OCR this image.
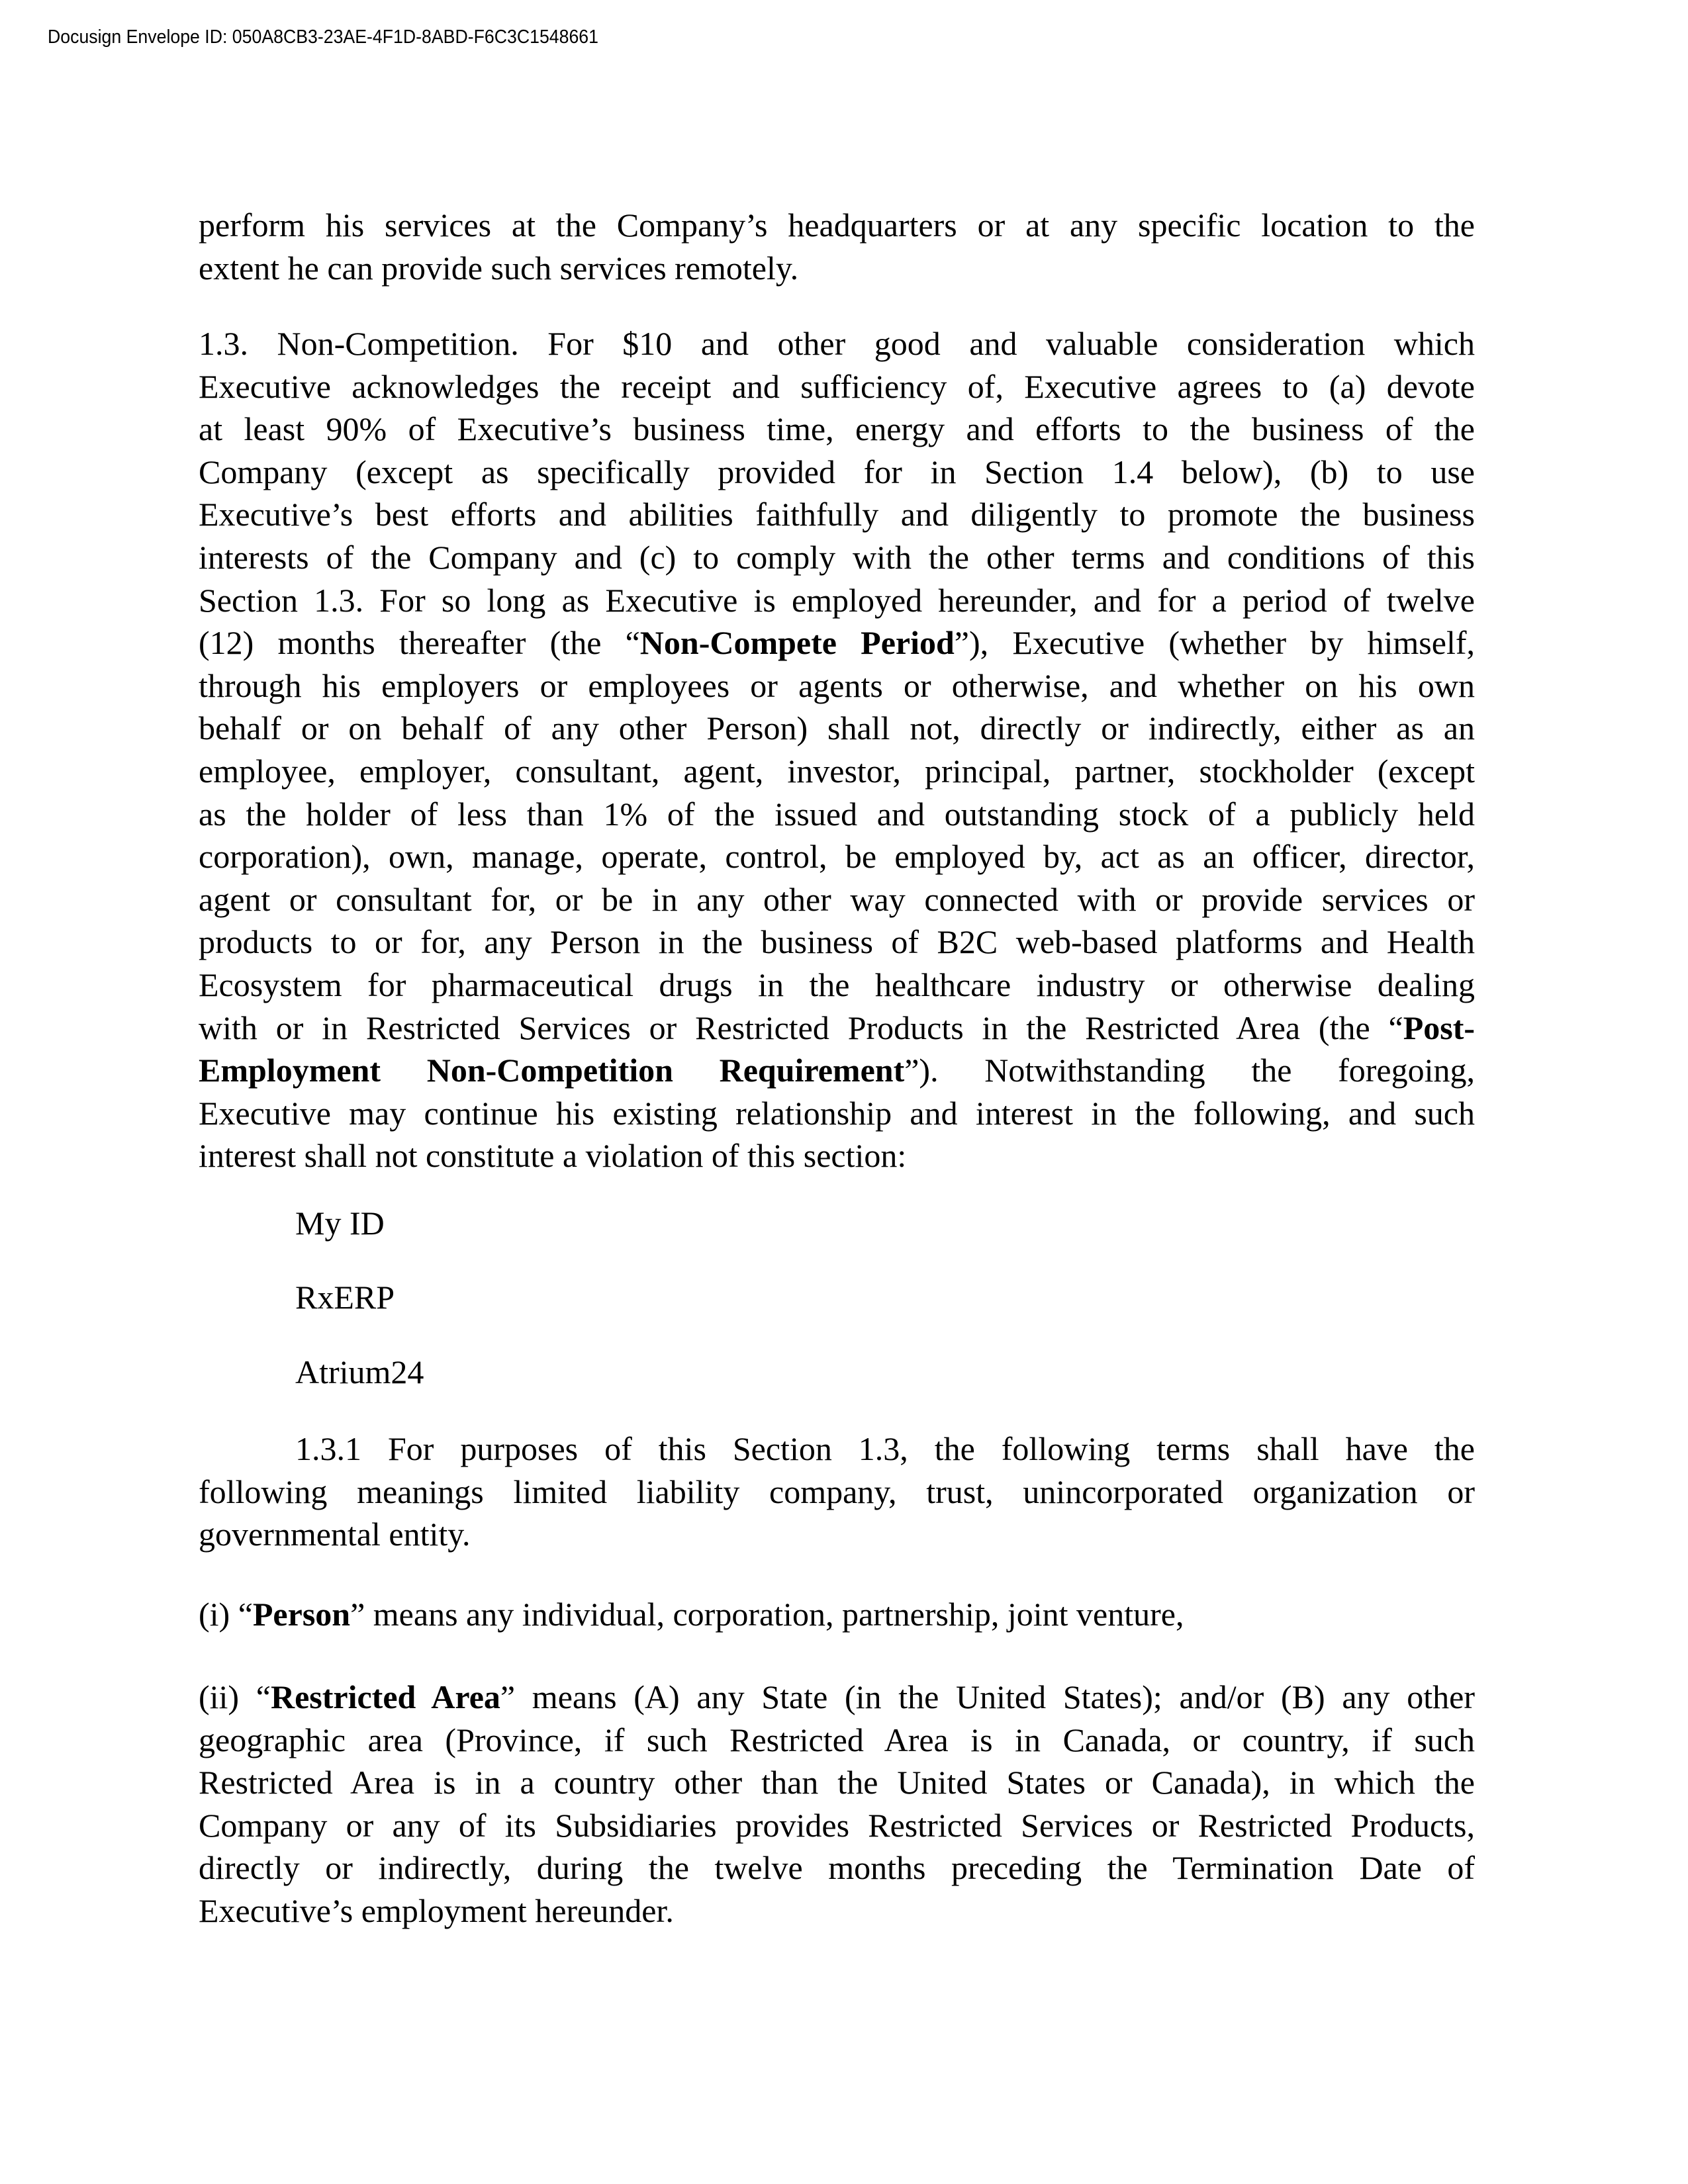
Docusign Envelope ID: 050A8CB3-23AE-4F1D-8ABD-F6C3C1548661
perform his services at the Company’s headquarters or at any specific location to the
extent he can provide such services remotely.
1.3. Non-Competition. For $10 and other good and valuable consideration which
Executive acknowledges the receipt and sufficiency of, Executive agrees to (a) devote
at least 90% of Executive’s business time, energy and efforts to the business of the
Company (except as specifically provided for in Section 1.4 below), (b) to use
Executive’s best efforts and abilities faithfully and diligently to promote the business
interests of the Company and (c) to comply with the other terms and conditions of this
Section 1.3. For so long as Executive is employed hereunder, and for a period of twelve
(12) months thereafter (the “Non-Compete Period”), Executive (whether by himself,
through his employers or employees or agents or otherwise, and whether on his own
behalf or on behalf of any other Person) shall not, directly or indirectly, either as an
employee, employer, consultant, agent, investor, principal, partner, stockholder (except
as the holder of less than 1% of the issued and outstanding stock of a publicly held
corporation), own, manage, operate, control, be employed by, act as an officer, director,
agent or consultant for, or be in any other way connected with or provide services or
products to or for, any Person in the business of B2C web-based platforms and Health
Ecosystem for pharmaceutical drugs in the healthcare industry or otherwise dealing
with or in Restricted Services or Restricted Products in the Restricted Area (the “Post-
Employment Non-Competition Requirement”). Notwithstanding the foregoing,
Executive may continue his existing relationship and interest in the following, and such
interest shall not constitute a violation of this section:
My ID
RxERP
Atrium24
1.3.1 For purposes of this Section 1.3, the following terms shall have the
following meanings limited liability company, trust, unincorporated organization or
governmental entity.
(i) “Person” means any individual, corporation, partnership, joint venture,
(ii) “Restricted Area” means (A) any State (in the United States); and/or (B) any other
geographic area (Province, if such Restricted Area is in Canada, or country, if such
Restricted Area is in a country other than the United States or Canada), in which the
Company or any of its Subsidiaries provides Restricted Services or Restricted Products,
directly or indirectly, during the twelve months preceding the Termination Date of
Executive’s employment hereunder.
